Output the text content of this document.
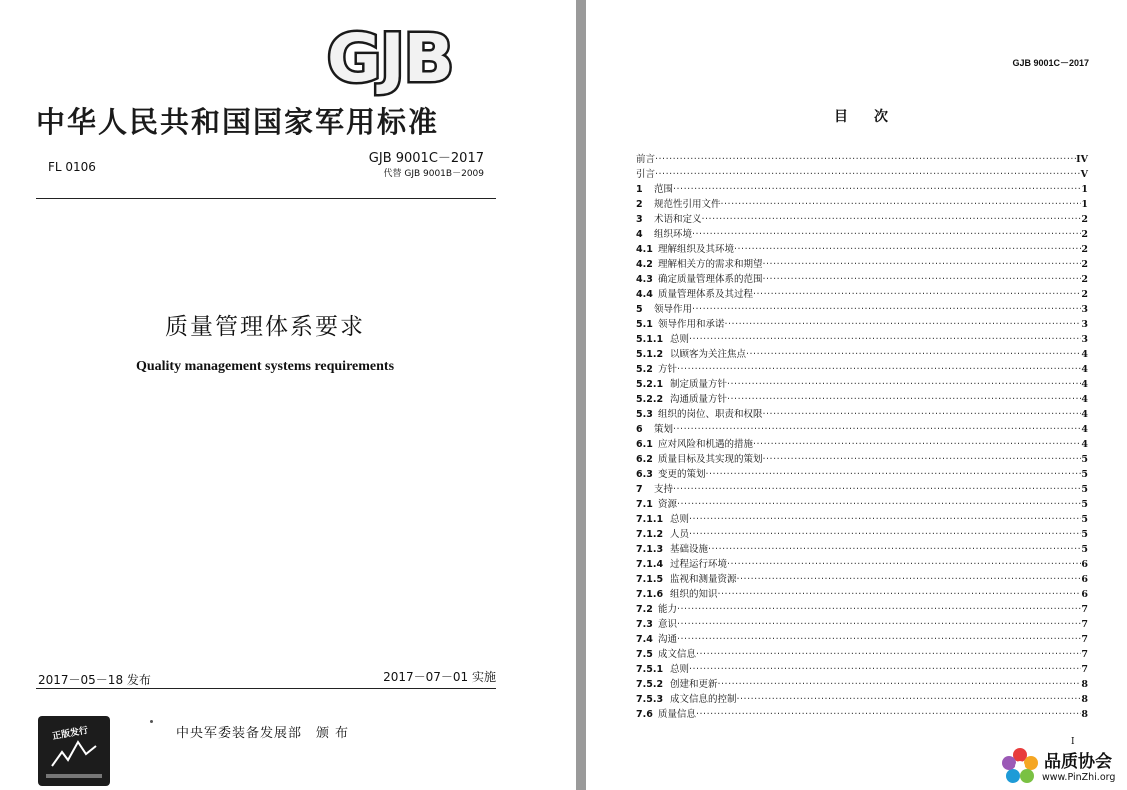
GJB
中华人民共和国国家军用标准
FL 0106
GJB 9001C－2017
代替 GJB 9001B－2009
质量管理体系要求
Quality management systems requirements
2017－05－18 发布	2017－07－01 实施
中央军委装备发展部 颁布
正版发行
GJB 9001C－2017
目次
前言 ·····	IV
引言 ·····	V
1	范围 ·····	1
2	规范性引用文件 ·····	1
3	术语和定义 ·····	2
4	组织环境 ·····	2
4.1 理解组织及其环境 ·····	2
4.2 理解相关方的需求和期望 ·····	2
4.3 确定质量管理体系的范围 ·····	2
4.4 质量管理体系及其过程 ·····	2
5	领导作用 ·····	3
5.1 领导作用和承诺 ·····	3
5.1.1 总则 ·····	3
5.1.2 以顾客为关注焦点 ·····	4
5.2 方针 ·····	4
5.2.1 制定质量方针 ·····	4
5.2.2 沟通质量方针 ·····	4
5.3 组织的岗位、职责和权限 ·····	4
6	策划 ·····	4
6.1 应对风险和机遇的措施 ·····	4
6.2 质量目标及其实现的策划 ·····	5
6.3 变更的策划 ·····	5
7	支持 ·····	5
7.1 资源 ·····	5
7.1.1 总则 ·····	5
7.1.2 人员 ·····	5
7.1.3 基础设施 ·····	5
7.1.4 过程运行环境 ·····	6
7.1.5 监视和测量资源 ·····	6
7.1.6 组织的知识 ·····	6
7.2 能力 ·····	7
7.3 意识 ·····	7
7.4 沟通 ·····	7
7.5 成文信息 ·····	7
7.5.1 总则 ·····	7
7.5.2 创建和更新 ·····	8
7.5.3 成文信息的控制 ·····	8
7.6 质量信息 ·····	8
I
品质协会
www.PinZhi.org
